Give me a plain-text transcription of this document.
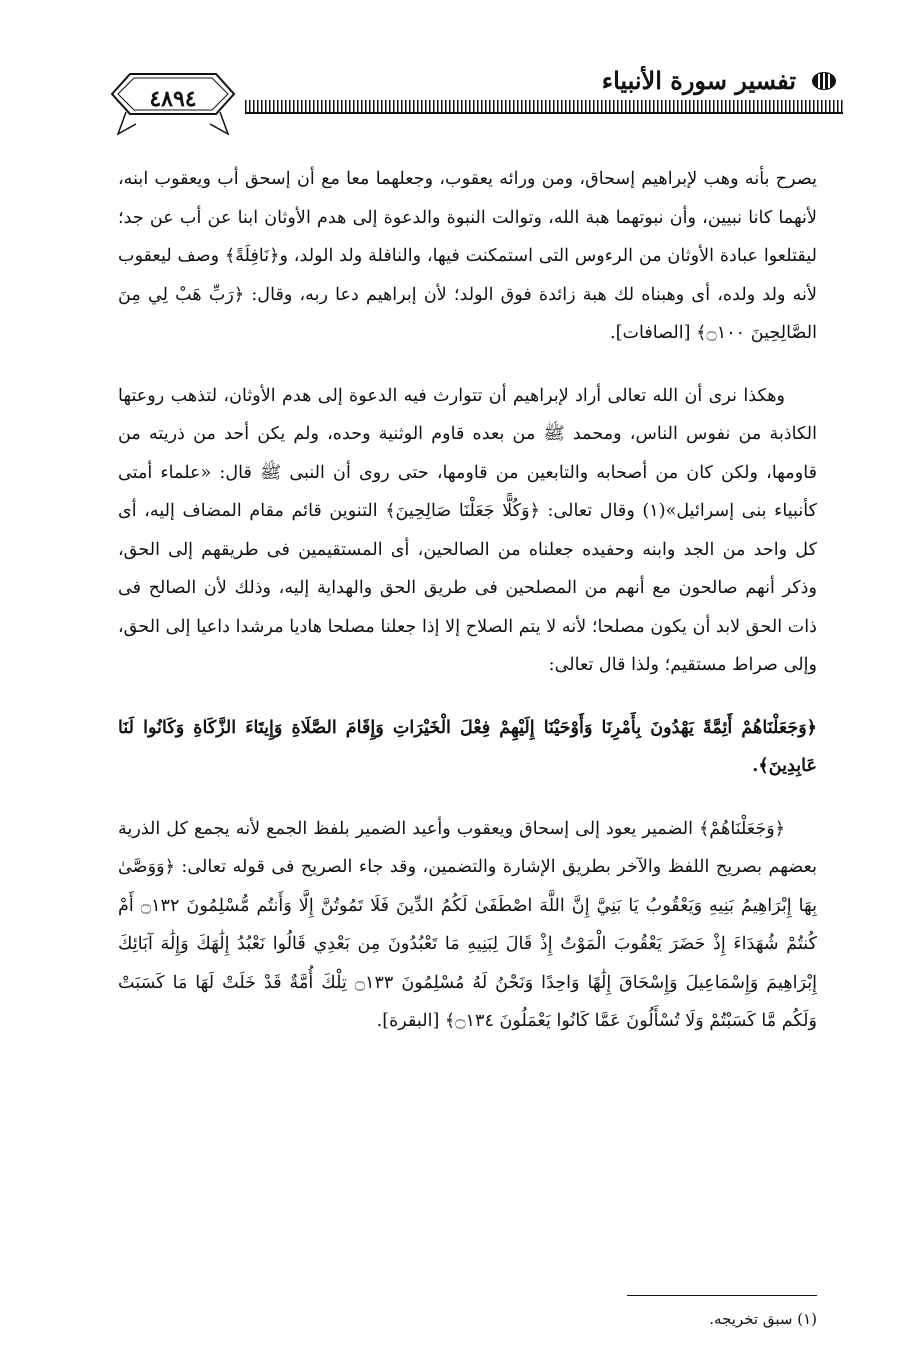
٤٨٩٤
تفسير سورة الأنبياء

يصرح بأنه وهب لإبراهيم إسحاق، ومن ورائه يعقوب، وجعلهما معا مع أن إسحق أب ويعقوب ابنه، لأنهما كانا نبيين، وأن نبوتهما هبة الله، وتوالت النبوة والدعوة إلى هدم الأوثان ابنا عن أب عن جد؛ ليقتلعوا عبادة الأوثان من الرءوس التى استمكنت فيها، والنافلة ولد الولد، و﴿نَافِلَةً﴾ وصف ليعقوب لأنه ولد ولده، أى وهبناه لك هبة زائدة فوق الولد؛ لأن إبراهيم دعا ربه، وقال: ﴿رَبِّ هَبْ لِي مِنَ الصَّالِحِينَ ۝١٠٠﴾ [الصافات].

وهكذا نرى أن الله تعالى أراد لإبراهيم أن تتوارث فيه الدعوة إلى هدم الأوثان، لتذهب روعتها الكاذبة من نفوس الناس، ومحمد ﷺ من بعده قاوم الوثنية وحده، ولم يكن أحد من ذريته من قاومها، ولكن كان من أصحابه والتابعين من قاومها، حتى روى أن النبى ﷺ قال: «علماء أمتى كأنبياء بنى إسرائيل»(١) وقال تعالى: ﴿وَكُلًّا جَعَلْنَا صَالِحِينَ﴾ التنوين قائم مقام المضاف إليه، أى كل واحد من الجد وابنه وحفيده جعلناه من الصالحين، أى المستقيمين فى طريقهم إلى الحق، وذكر أنهم صالحون مع أنهم من المصلحين فى طريق الحق والهداية إليه، وذلك لأن الصالح فى ذات الحق لابد أن يكون مصلحا؛ لأنه لا يتم الصلاح إلا إذا جعلنا مصلحا هاديا مرشدا داعيا إلى الحق، وإلى صراط مستقيم؛ ولذا قال تعالى:

﴿وَجَعَلْنَاهُمْ أَئِمَّةً يَهْدُونَ بِأَمْرِنَا وَأَوْحَيْنَا إِلَيْهِمْ فِعْلَ الْخَيْرَاتِ وَإِقَامَ الصَّلَاةِ وَإِيتَاءَ الزَّكَاةِ وَكَانُوا لَنَا عَابِدِينَ﴾.

﴿وَجَعَلْنَاهُمْ﴾ الضمير يعود إلى إسحاق ويعقوب وأعيد الضمير بلفظ الجمع لأنه يجمع كل الذرية بعضهم بصريح اللفظ والآخر بطريق الإشارة والتضمين، وقد جاء الصريح فى قوله تعالى: ﴿وَوَصَّىٰ بِهَا إِبْرَاهِيمُ بَنِيهِ وَيَعْقُوبُ يَا بَنِيَّ إِنَّ اللَّهَ اصْطَفَىٰ لَكُمُ الدِّينَ فَلَا تَمُوتُنَّ إِلَّا وَأَنتُم مُّسْلِمُونَ ۝١٣٢ أَمْ كُنتُمْ شُهَدَاءَ إِذْ حَضَرَ يَعْقُوبَ الْمَوْتُ إِذْ قَالَ لِبَنِيهِ مَا تَعْبُدُونَ مِن بَعْدِي قَالُوا نَعْبُدُ إِلَٰهَكَ وَإِلَٰهَ آبَائِكَ إِبْرَاهِيمَ وَإِسْمَاعِيلَ وَإِسْحَاقَ إِلَٰهًا وَاحِدًا وَنَحْنُ لَهُ مُسْلِمُونَ ۝١٣٣ تِلْكَ أُمَّةٌ قَدْ خَلَتْ لَهَا مَا كَسَبَتْ وَلَكُم مَّا كَسَبْتُمْ وَلَا تُسْأَلُونَ عَمَّا كَانُوا يَعْمَلُونَ ۝١٣٤﴾ [البقرة].

(١) سبق تخريجه.
